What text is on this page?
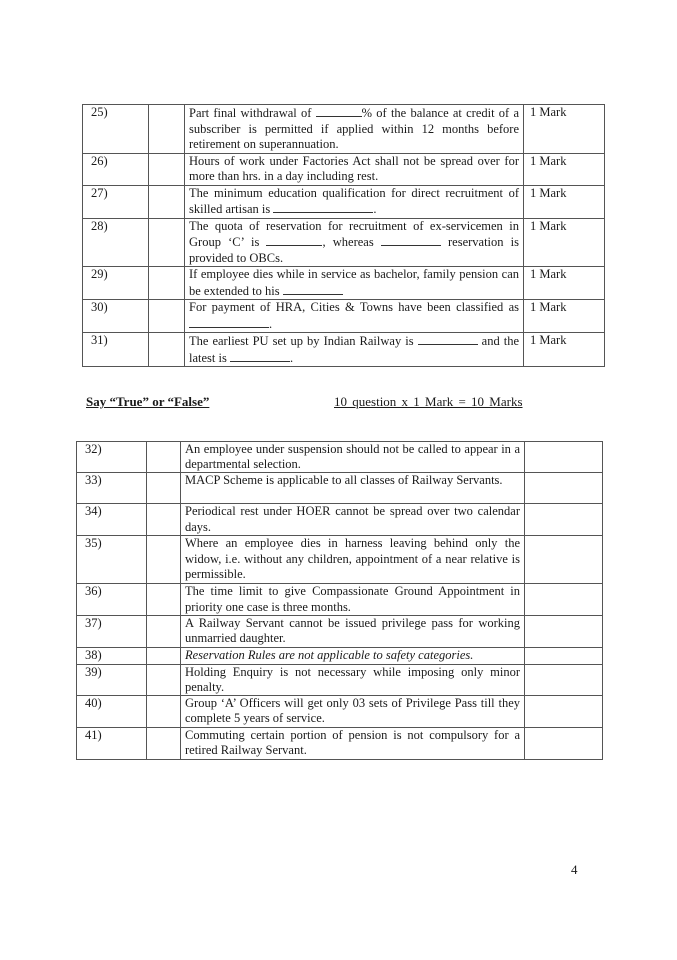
25)		Part final withdrawal of % of the balance at credit of a subscriber is permitted if applied within 12 months before retirement on superannuation.	1 Mark
26)		Hours of work under Factories Act shall not be spread over for more than hrs. in a day including rest.	1 Mark
27)		The minimum education qualification for direct recruitment of skilled artisan is .	1 Mark
28)		The quota of reservation for recruitment of ex-servicemen in Group ‘C’ is , whereas reservation is provided to OBCs.	1 Mark
29)		If employee dies while in service as bachelor, family pension can be extended to his	1 Mark
30)		For payment of HRA, Cities & Towns have been classified as .	1 Mark
31)		The earliest PU set up by Indian Railway is and the latest is .	1 Mark
Say “True” or “False”	10 question x 1 Mark = 10 Marks
32)		An employee under suspension should not be called to appear in a departmental selection.	
33)		MACP Scheme is applicable to all classes of Railway Servants.	
34)		Periodical rest under HOER cannot be spread over two calendar days.	
35)		Where an employee dies in harness leaving behind only the widow, i.e. without any children, appointment of a near relative is permissible.	
36)		The time limit to give Compassionate Ground Appointment in priority one case is three months.	
37)		A Railway Servant cannot be issued privilege pass for working unmarried daughter.	
38)		Reservation Rules are not applicable to safety categories.	
39)		Holding Enquiry is not necessary while imposing only minor penalty.	
40)		Group ‘A’ Officers will get only 03 sets of Privilege Pass till they complete 5 years of service.	
41)		Commuting certain portion of pension is not compulsory for a retired Railway Servant.	
4
